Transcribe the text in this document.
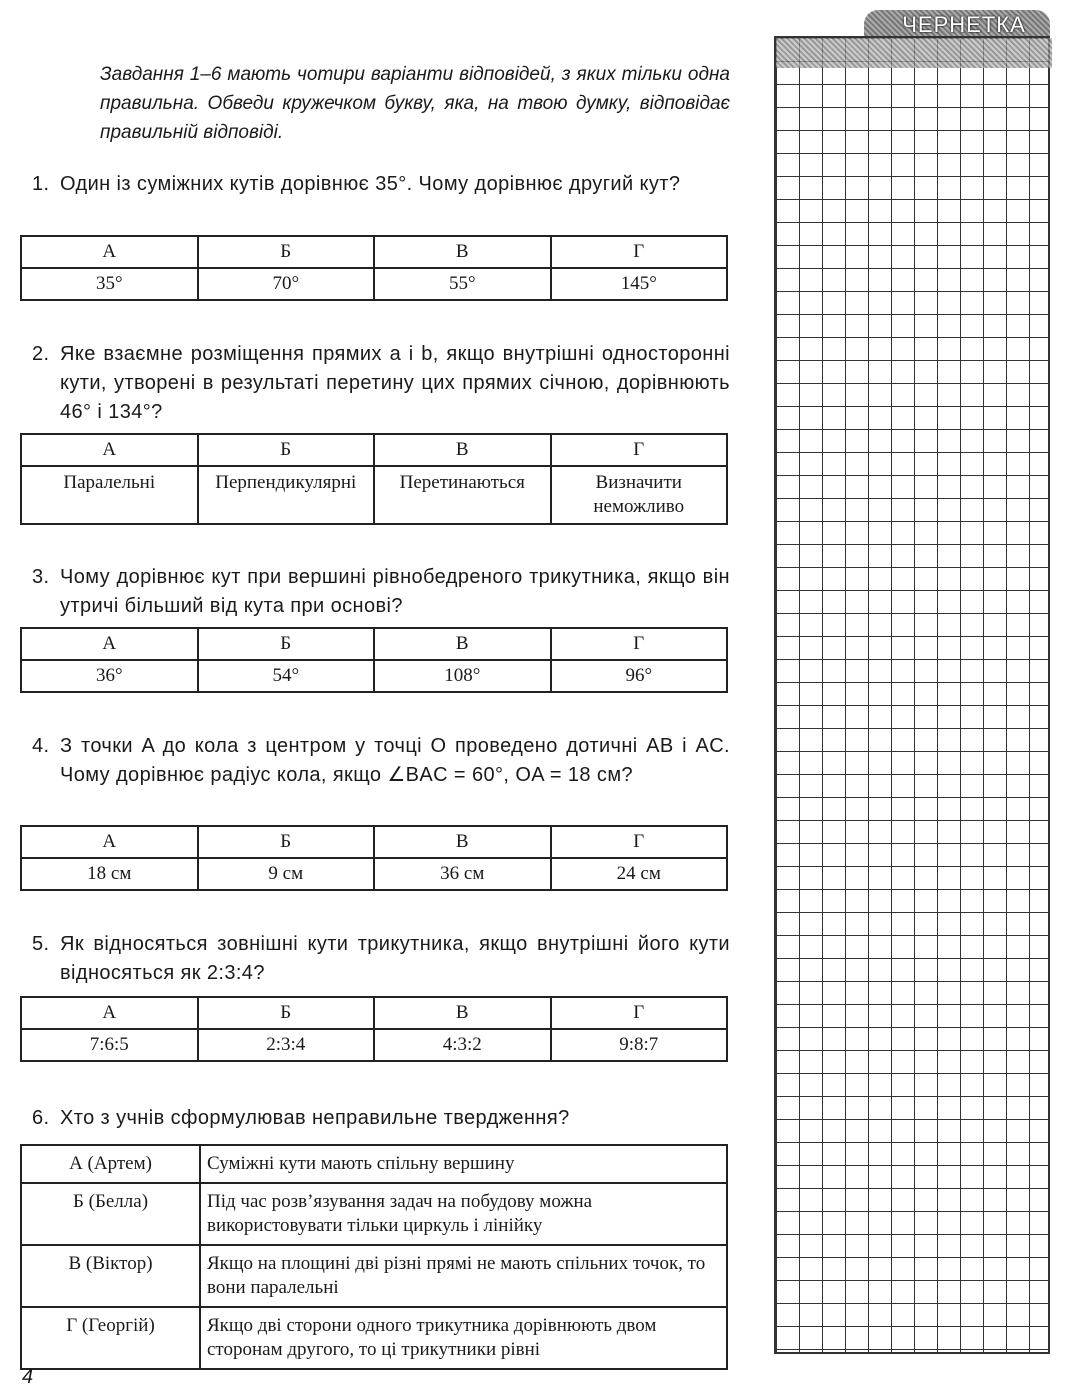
Завдання 1–6 мають чотири варіанти відповідей, з яких тільки одна правильна. Обведи кружечком букву, яка, на твою думку, відповідає правильній відповіді.

1. Один із суміжних кутів дорівнює 35°. Чому дорівнює другий кут?
А	Б	В	Г
35°	70°	55°	145°
2. Яке взаємне розміщення прямих a і b, якщо внутрішні односторонні кути, утворені в результаті перетину цих прямих січною, дорівнюють 46° і 134°?
А	Б	В	Г
Паралельні	Перпендикулярні	Перетинаються	Визначити неможливо
3. Чому дорівнює кут при вершині рівнобедреного трикутника, якщо він утричі більший від кута при основі?
А	Б	В	Г
36°	54°	108°	96°
4. З точки A до кола з центром у точці O проведено дотичні AB і AC. Чому дорівнює радіус кола, якщо ∠BAC = 60°, OA = 18 см?
А	Б	В	Г
18 см	9 см	36 см	24 см
5. Як відносяться зовнішні кути трикутника, якщо внутрішні його кути відносяться як 2:3:4?
А	Б	В	Г
7:6:5	2:3:4	4:3:2	9:8:7
6. Хто з учнів сформулював неправильне твердження?
А (Артем)	Суміжні кути мають спільну вершину
Б (Белла)	Під час розв’язування задач на побудову можна використовувати тільки циркуль і лінійку
В (Віктор)	Якщо на площині дві різні прямі не мають спільних точок, то вони паралельні
Г (Георгій)	Якщо дві сторони одного трикутника дорівнюють двом сторонам другого, то ці трикутники рівні
4
ЧЕРНЕТКА
